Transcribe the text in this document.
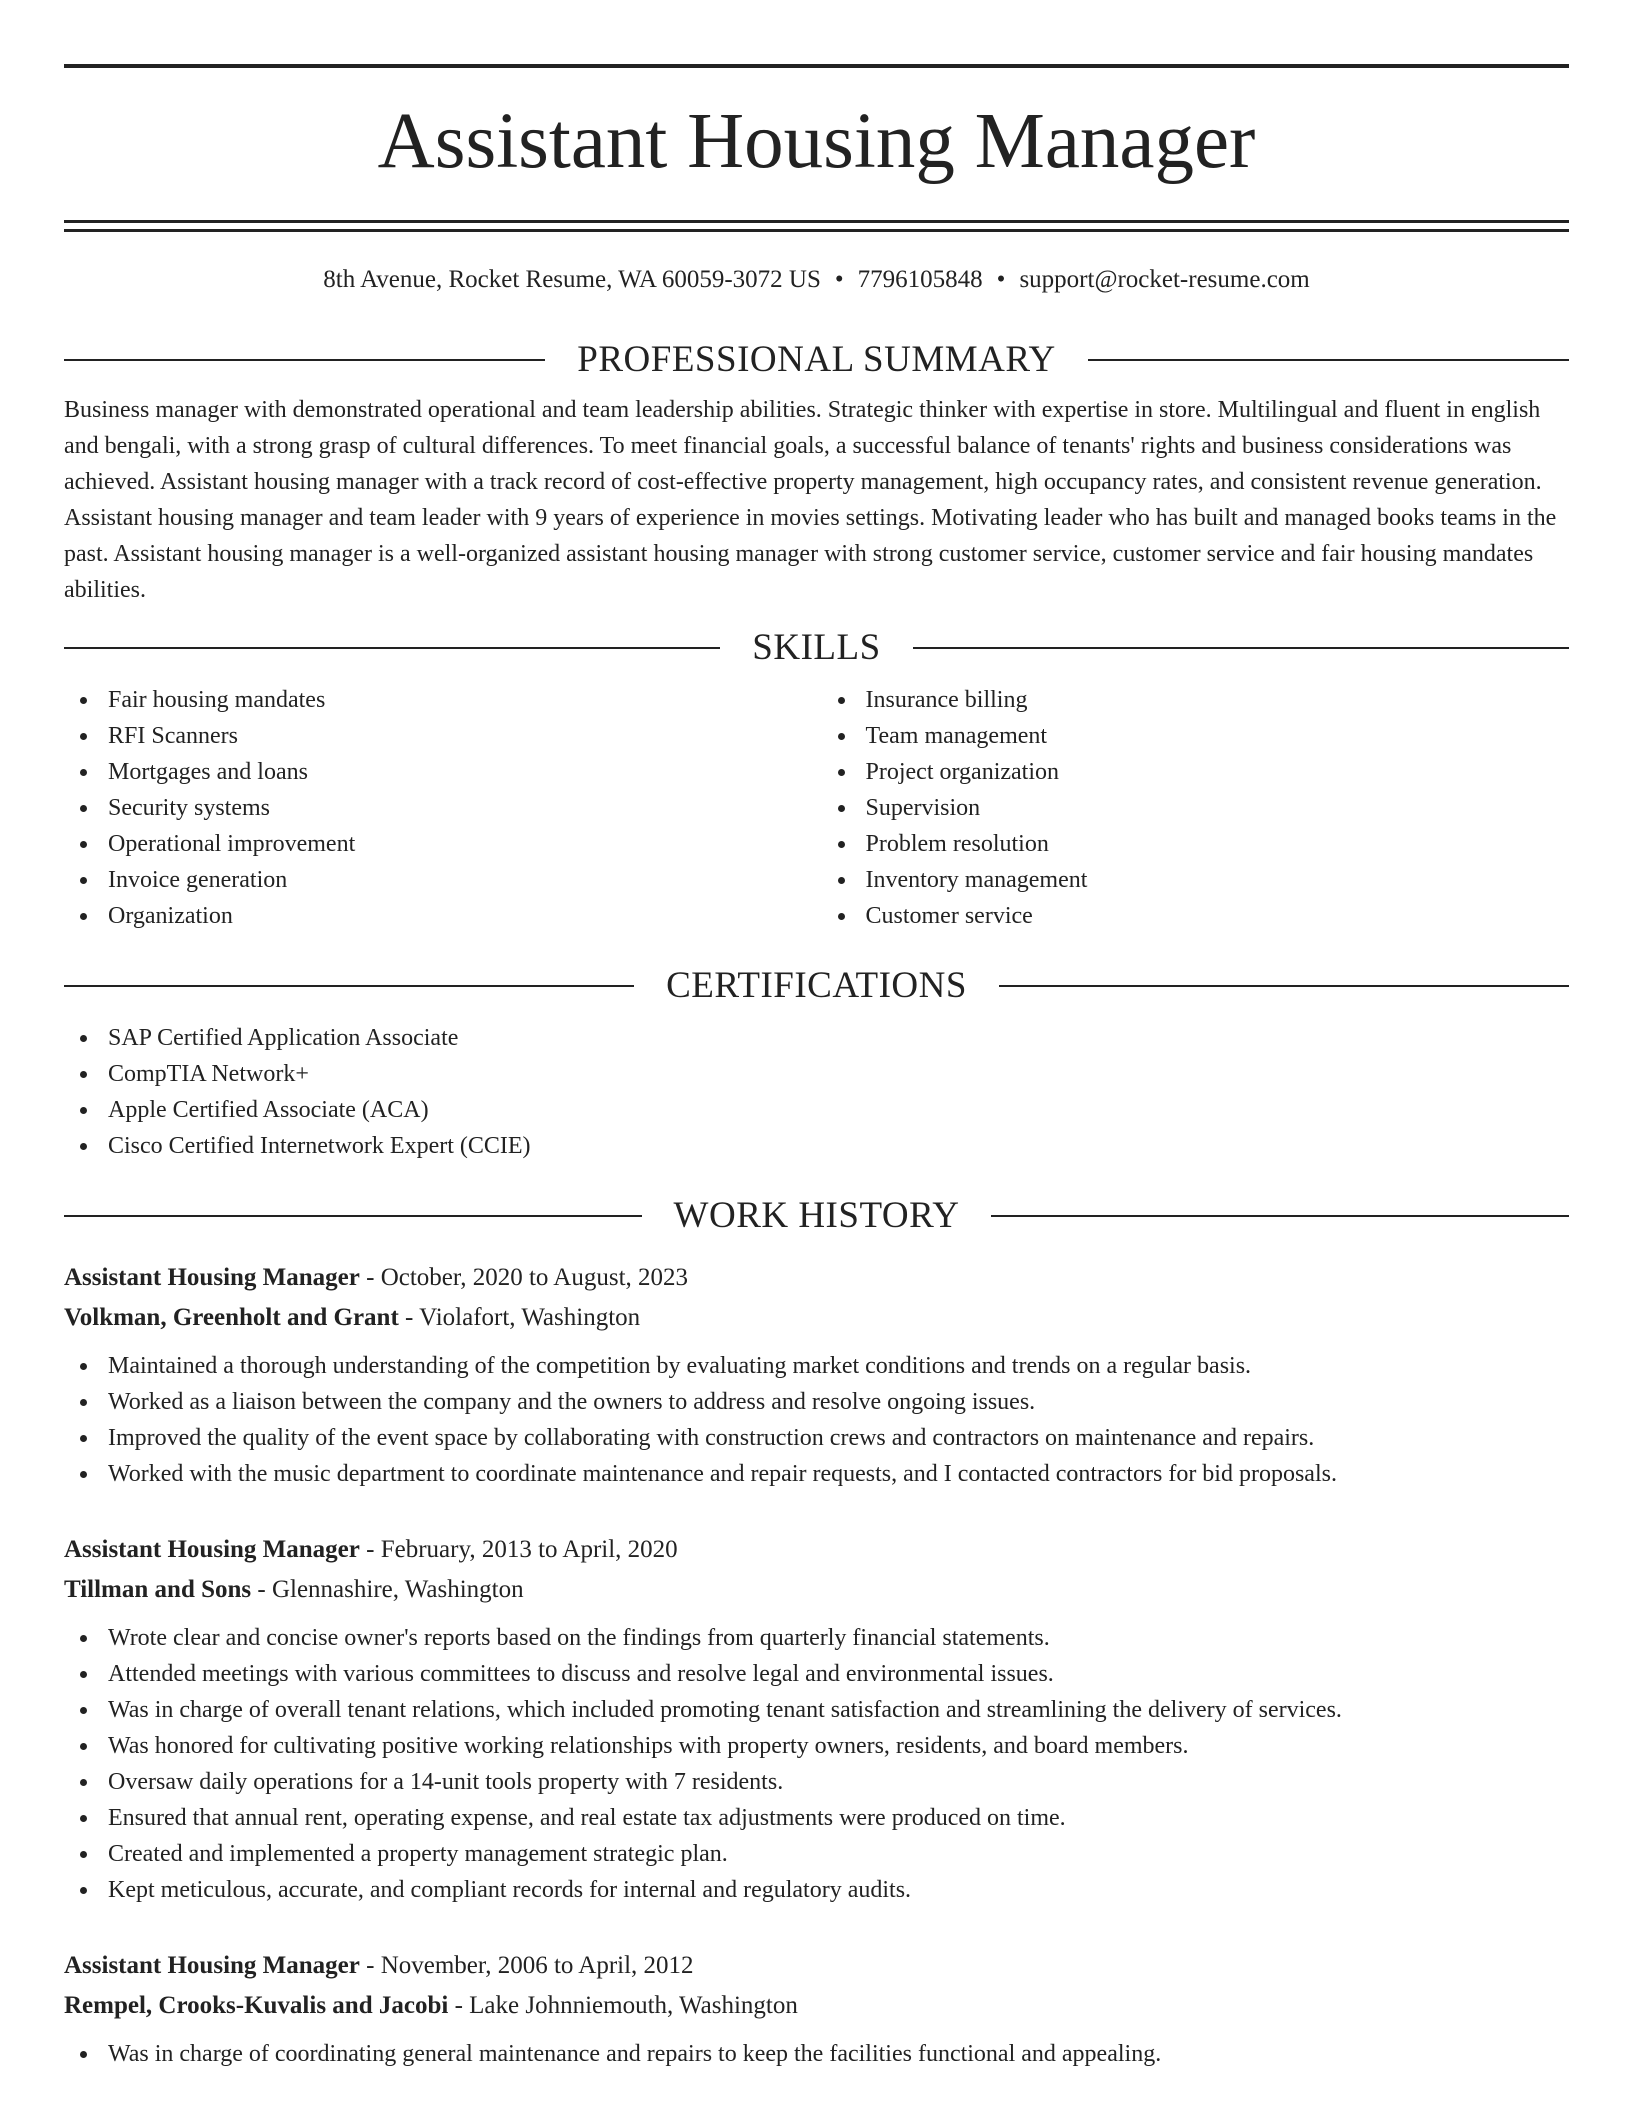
Assistant Housing Manager
8th Avenue, Rocket Resume, WA 60059-3072 US • 7796105848 • support@rocket-resume.com
PROFESSIONAL SUMMARY

Business manager with demonstrated operational and team leadership abilities. Strategic thinker with expertise in store. Multilingual and fluent in english and bengali, with a strong grasp of cultural differences. To meet financial goals, a successful balance of tenants' rights and business considerations was achieved. Assistant housing manager with a track record of cost-effective property management, high occupancy rates, and consistent revenue generation. Assistant housing manager and team leader with 9 years of experience in movies settings. Motivating leader who has built and managed books teams in the past. Assistant housing manager is a well-organized assistant housing manager with strong customer service, customer service and fair housing mandates abilities.

SKILLS
Fair housing mandates
RFI Scanners
Mortgages and loans
Security systems
Operational improvement
Invoice generation
Organization
Insurance billing
Team management
Project organization
Supervision
Problem resolution
Inventory management
Customer service
CERTIFICATIONS
SAP Certified Application Associate
CompTIA Network+
Apple Certified Associate (ACA)
Cisco Certified Internetwork Expert (CCIE)
WORK HISTORY
Assistant Housing Manager - October, 2020 to August, 2023
Volkman, Greenholt and Grant - Violafort, Washington
Maintained a thorough understanding of the competition by evaluating market conditions and trends on a regular basis.
Worked as a liaison between the company and the owners to address and resolve ongoing issues.
Improved the quality of the event space by collaborating with construction crews and contractors on maintenance and repairs.
Worked with the music department to coordinate maintenance and repair requests, and I contacted contractors for bid proposals.
Assistant Housing Manager - February, 2013 to April, 2020
Tillman and Sons - Glennashire, Washington
Wrote clear and concise owner's reports based on the findings from quarterly financial statements.
Attended meetings with various committees to discuss and resolve legal and environmental issues.
Was in charge of overall tenant relations, which included promoting tenant satisfaction and streamlining the delivery of services.
Was honored for cultivating positive working relationships with property owners, residents, and board members.
Oversaw daily operations for a 14-unit tools property with 7 residents.
Ensured that annual rent, operating expense, and real estate tax adjustments were produced on time.
Created and implemented a property management strategic plan.
Kept meticulous, accurate, and compliant records for internal and regulatory audits.
Assistant Housing Manager - November, 2006 to April, 2012
Rempel, Crooks-Kuvalis and Jacobi - Lake Johnniemouth, Washington
Was in charge of coordinating general maintenance and repairs to keep the facilities functional and appealing.
